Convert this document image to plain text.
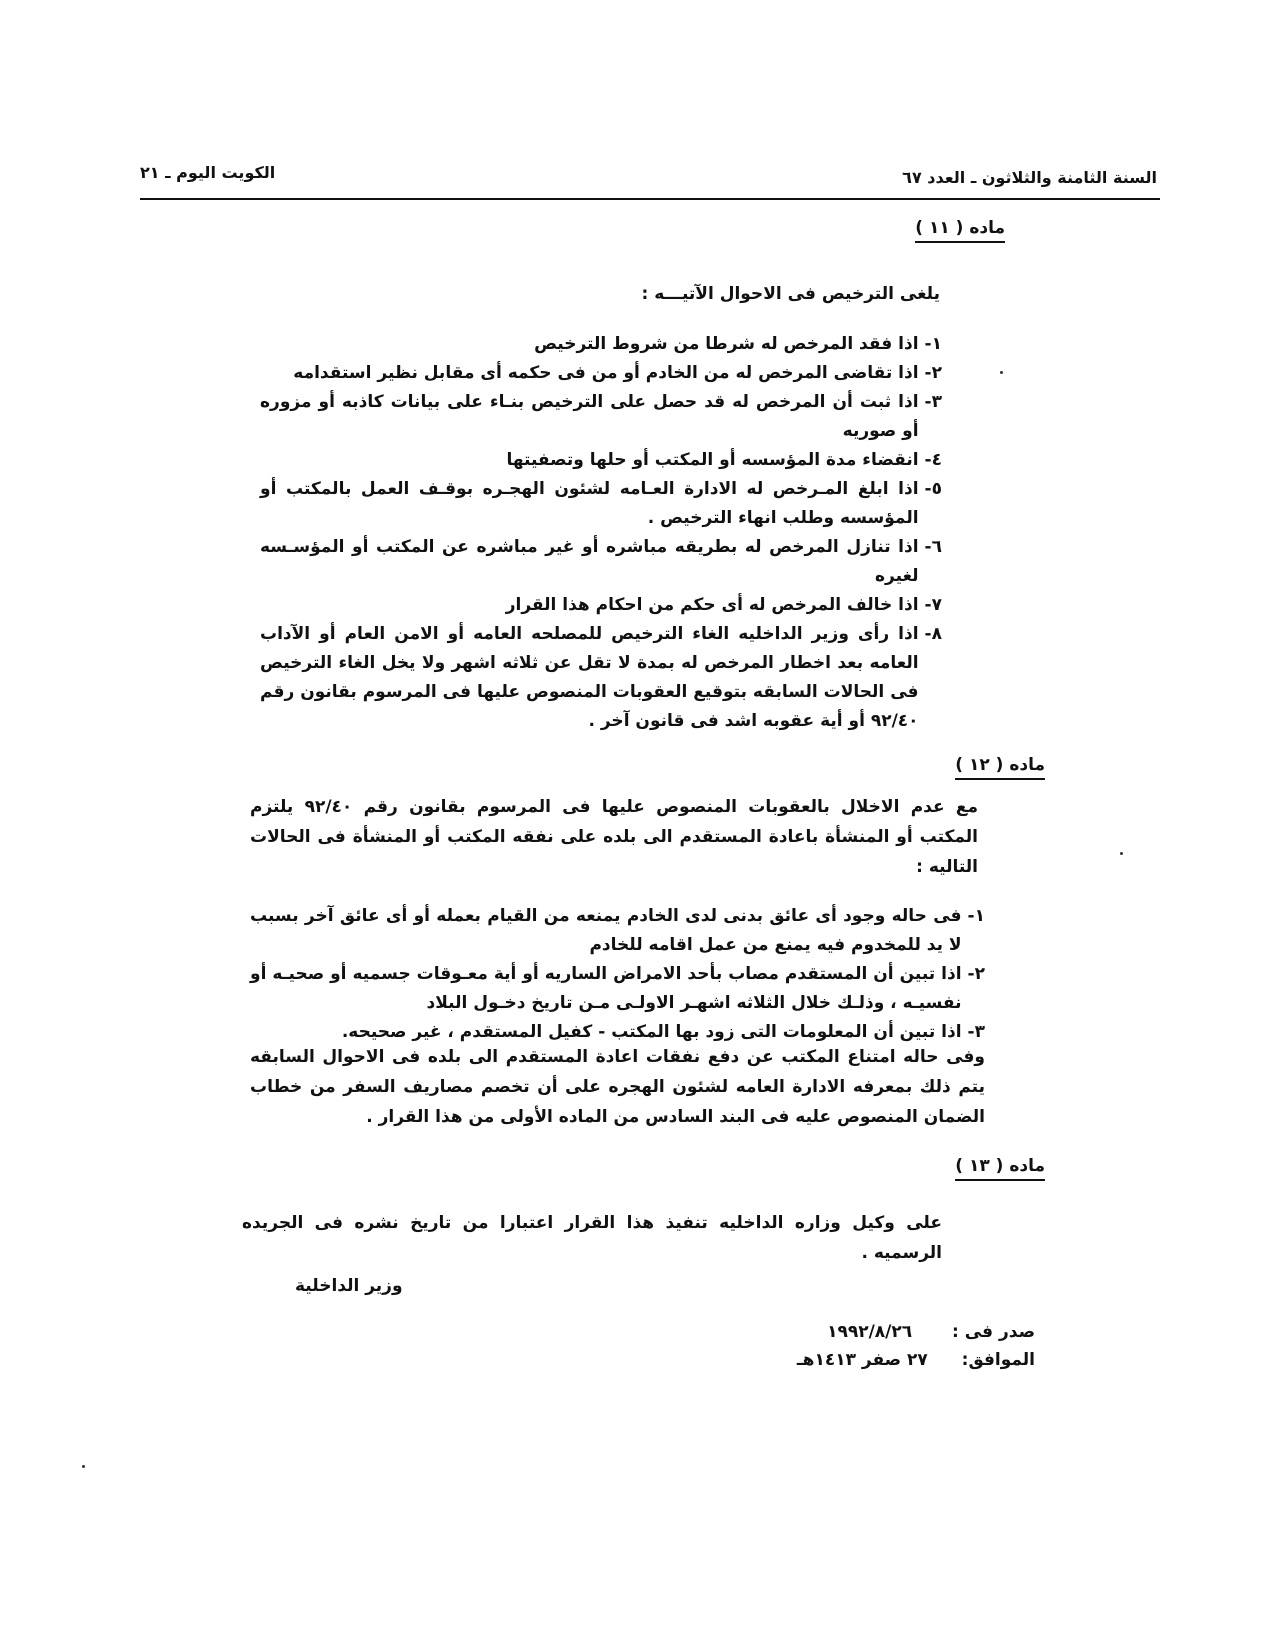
الكويت اليوم ـ ٢١	السنة الثامنة والثلاثون ـ العدد ٦٧
ماده ( ١١ )
يلغى الترخيص فى الاحوال الآتيـــه :
١-
اذا فقد المرخص له شرطا من شروط الترخيص
٢-
اذا تقاضى المرخص له من الخادم أو من فى حكمه أى مقابل نظير استقدامه
٣-
اذا ثبت أن المرخص له قد حصل على الترخيص بنـاء على بيانات كاذبه أو مزوره أو صوريه
٤-
انقضاء مدة المؤسسه أو المكتب أو حلها وتصفيتها
٥-
اذا ابلغ المـرخص له الادارة العـامه لشئون الهجـره بوقـف العمل بالمكتب أو المؤسسه وطلب انهاء الترخيص .
٦-
اذا تنازل المرخص له بطريقه مباشره أو غير مباشره عن المكتب أو المؤسـسه لغيره
٧-
اذا خالف المرخص له أى حكم من احكام هذا القرار
٨-
اذا رأى وزير الداخليه الغاء الترخيص للمصلحه العامه أو الامن العام أو الآداب العامه بعد اخطار المرخص له بمدة لا تقل عن ثلاثه اشهر ولا يخل الغاء الترخيص فى الحالات السابقه بتوقيع العقوبات المنصوص عليها فى المرسوم بقانون رقم ٩٢/٤٠ أو أية عقوبه اشد فى قانون آخر .
ماده ( ١٢ )
مع عدم الاخلال بالعقوبات المنصوص عليها فى المرسوم بقانون رقم ٩٢/٤٠ يلتزم المكتب أو المنشأة باعادة المستقدم الى بلده على نفقه المكتب أو المنشأة فى الحالات التاليه :
١-
فى حاله وجود أى عائق بدنى لدى الخادم يمنعه من القيام بعمله أو أى عائق آخر بسبب لا يد للمخدوم فيه يمنع من عمل اقامه للخادم
٢-
اذا تبين أن المستقدم مصاب بأحد الامراض الساريه أو أية معـوقات جسميه أو صحيـه أو نفسيـه ، وذلـك خلال الثلاثه اشهـر الاولـى مـن تاريخ دخـول البلاد
٣-
اذا تبين أن المعلومات التى زود بها المكتب - كفيل المستقدم ، غير صحيحه.
وفى حاله امتناع المكتب عن دفع نفقات اعادة المستقدم الى بلده فى الاحوال السابقه يتم ذلك بمعرفه الادارة العامه لشئون الهجره على أن تخصم مصاريف السفر من خطاب الضمان المنصوص عليه فى البند السادس من الماده الأولى من هذا القرار .
ماده ( ١٣ )
على وكيل وزاره الداخليه تنفيذ هذا القرار اعتبارا من تاريخ نشره فى الجريده الرسميه .
وزير الداخلية
صدر فى :  ١٩٩٢/٨/٢٦
الموافق:  ٢٧ صفر ١٤١٣هـ
